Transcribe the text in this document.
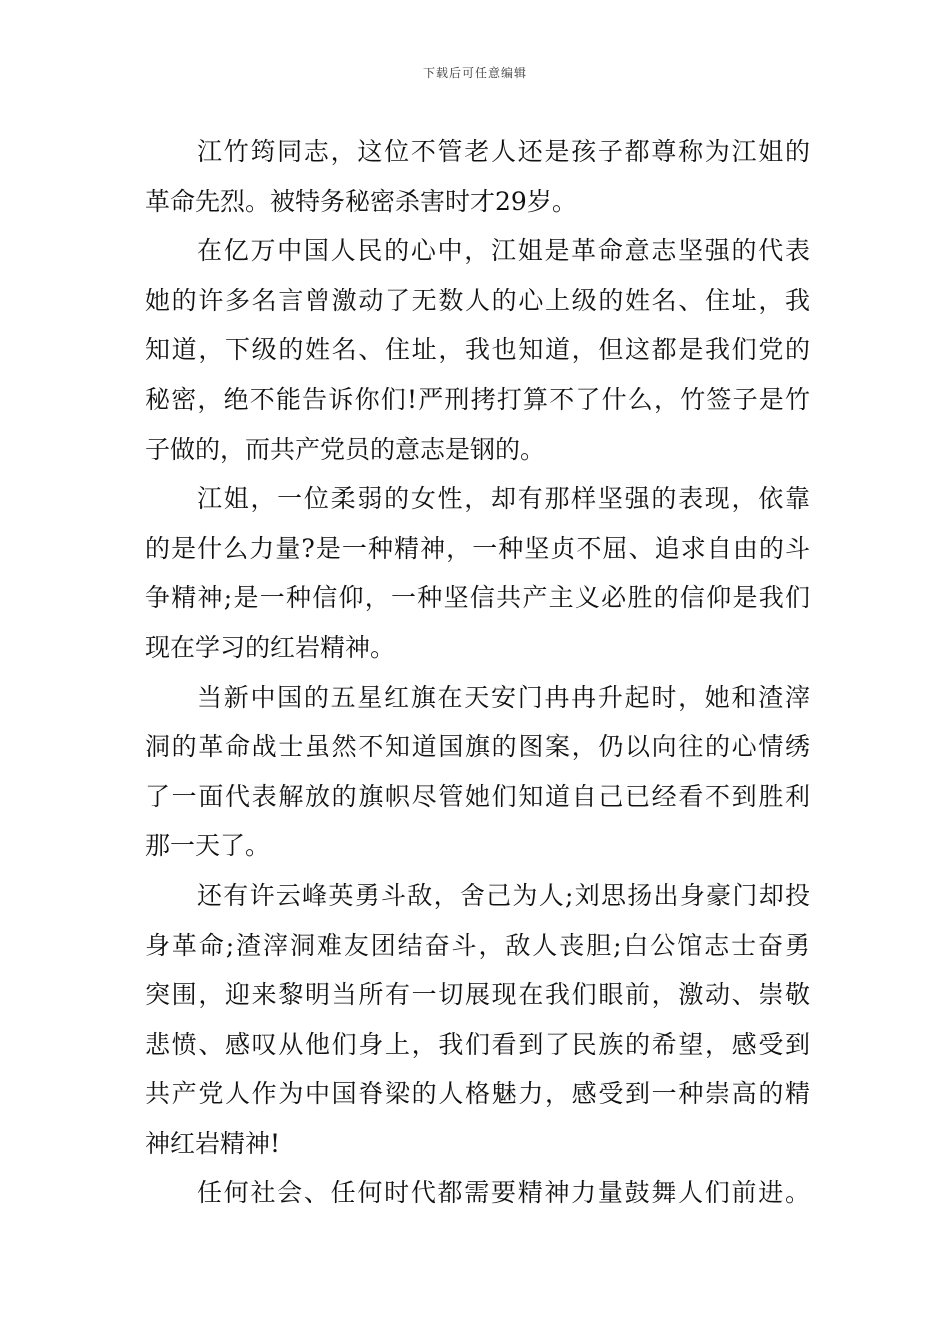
下载后可任意编辑
江竹筠同志，这位不管老人还是孩子都尊称为江姐的
革命先烈。被特务秘密杀害时才29岁。
在亿万中国人民的心中，江姐是革命意志坚强的代表
她的许多名言曾激动了无数人的心上级的姓名、住址，我
知道，下级的姓名、住址，我也知道，但这都是我们党的
秘密，绝不能告诉你们!严刑拷打算不了什么，竹签子是竹
子做的，而共产党员的意志是钢的。
江姐，一位柔弱的女性，却有那样坚强的表现，依靠
的是什么力量?是一种精神，一种坚贞不屈、追求自由的斗
争精神;是一种信仰，一种坚信共产主义必胜的信仰是我们
现在学习的红岩精神。
当新中国的五星红旗在天安门冉冉升起时，她和渣滓
洞的革命战士虽然不知道国旗的图案，仍以向往的心情绣
了一面代表解放的旗帜尽管她们知道自己已经看不到胜利
那一天了。
还有许云峰英勇斗敌，舍己为人;刘思扬出身豪门却投
身革命;渣滓洞难友团结奋斗，敌人丧胆;白公馆志士奋勇
突围，迎来黎明当所有一切展现在我们眼前，激动、崇敬
悲愤、感叹从他们身上，我们看到了民族的希望，感受到
共产党人作为中国脊梁的人格魅力，感受到一种崇高的精
神红岩精神!
任何社会、任何时代都需要精神力量鼓舞人们前进。
